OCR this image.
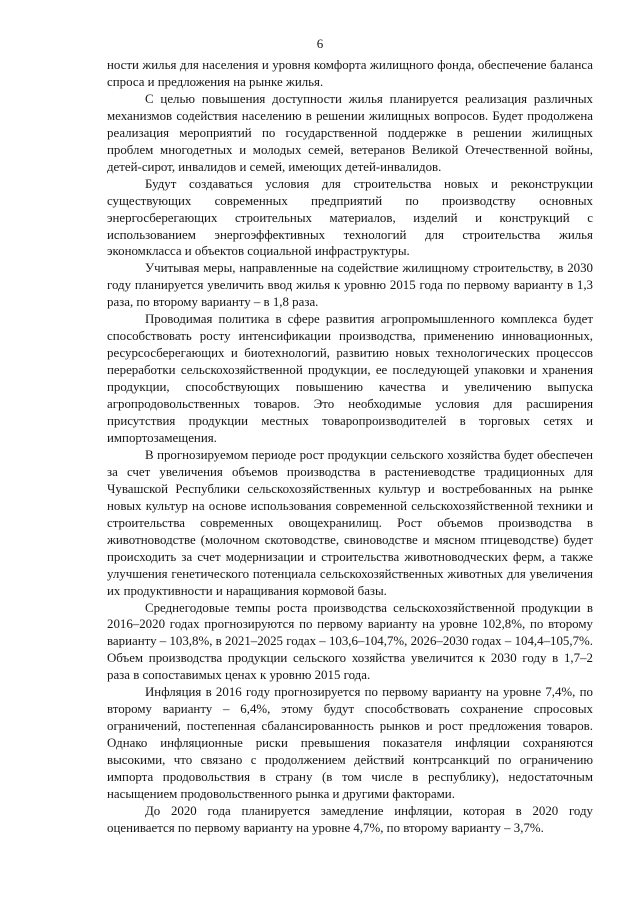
6

ности жилья для населения и уровня комфорта жилищного фонда, обеспечение баланса спроса и предложения на рынке жилья.

С целью повышения доступности жилья планируется реализация различных механизмов содействия населению в решении жилищных вопросов. Будет продолжена реализация мероприятий по государственной поддержке в решении жилищных проблем многодетных и молодых семей, ветеранов Великой Отечественной войны, детей-сирот, инвалидов и семей, имеющих детей-инвалидов.

Будут создаваться условия для строительства новых и реконструкции существующих современных предприятий по производству основных энергосберегающих строительных материалов, изделий и конструкций с использованием энергоэффективных технологий для строительства жилья экономкласса и объектов социальной инфраструктуры.

Учитывая меры, направленные на содействие жилищному строительству, в 2030 году планируется увеличить ввод жилья к уровню 2015 года по первому варианту в 1,3 раза, по второму варианту – в 1,8 раза.

Проводимая политика в сфере развития агропромышленного комплекса будет способствовать росту интенсификации производства, применению инновационных, ресурсосберегающих и биотехнологий, развитию новых технологических процессов переработки сельскохозяйственной продукции, ее последующей упаковки и хранения продукции, способствующих повышению качества и увеличению выпуска агропродовольственных товаров. Это необходимые условия для расширения присутствия продукции местных товаропроизводителей в торговых сетях и импортозамещения.

В прогнозируемом периоде рост продукции сельского хозяйства будет обеспечен за счет увеличения объемов производства в растениеводстве традиционных для Чувашской Республики сельскохозяйственных культур и востребованных на рынке новых культур на основе использования современной сельскохозяйственной техники и строительства современных овощехранилищ. Рост объемов производства в животноводстве (молочном скотоводстве, свиноводстве и мясном птицеводстве) будет происходить за счет модернизации и строительства животноводческих ферм, а также улучшения генетического потенциала сельскохозяйственных животных для увеличения их продуктивности и наращивания кормовой базы.

Среднегодовые темпы роста производства сельскохозяйственной продукции в 2016–2020 годах прогнозируются по первому варианту на уровне 102,8%, по второму варианту – 103,8%, в 2021–2025 годах – 103,6–104,7%, 2026–2030 годах – 104,4–105,7%. Объем производства продукции сельского хозяйства увеличится к 2030 году в 1,7–2 раза в сопоставимых ценах к уровню 2015 года.

Инфляция в 2016 году прогнозируется по первому варианту на уровне 7,4%, по второму варианту – 6,4%, этому будут способствовать сохранение спросовых ограничений, постепенная сбалансированность рынков и рост предложения товаров. Однако инфляционные риски превышения показателя инфляции сохраняются высокими, что связано с продолжением действий контрсанкций по ограничению импорта продовольствия в страну (в том числе в республику), недостаточным насыщением продовольственного рынка и другими факторами.

До 2020 года планируется замедление инфляции, которая в 2020 году оценивается по первому варианту на уровне 4,7%, по второму варианту – 3,7%.
